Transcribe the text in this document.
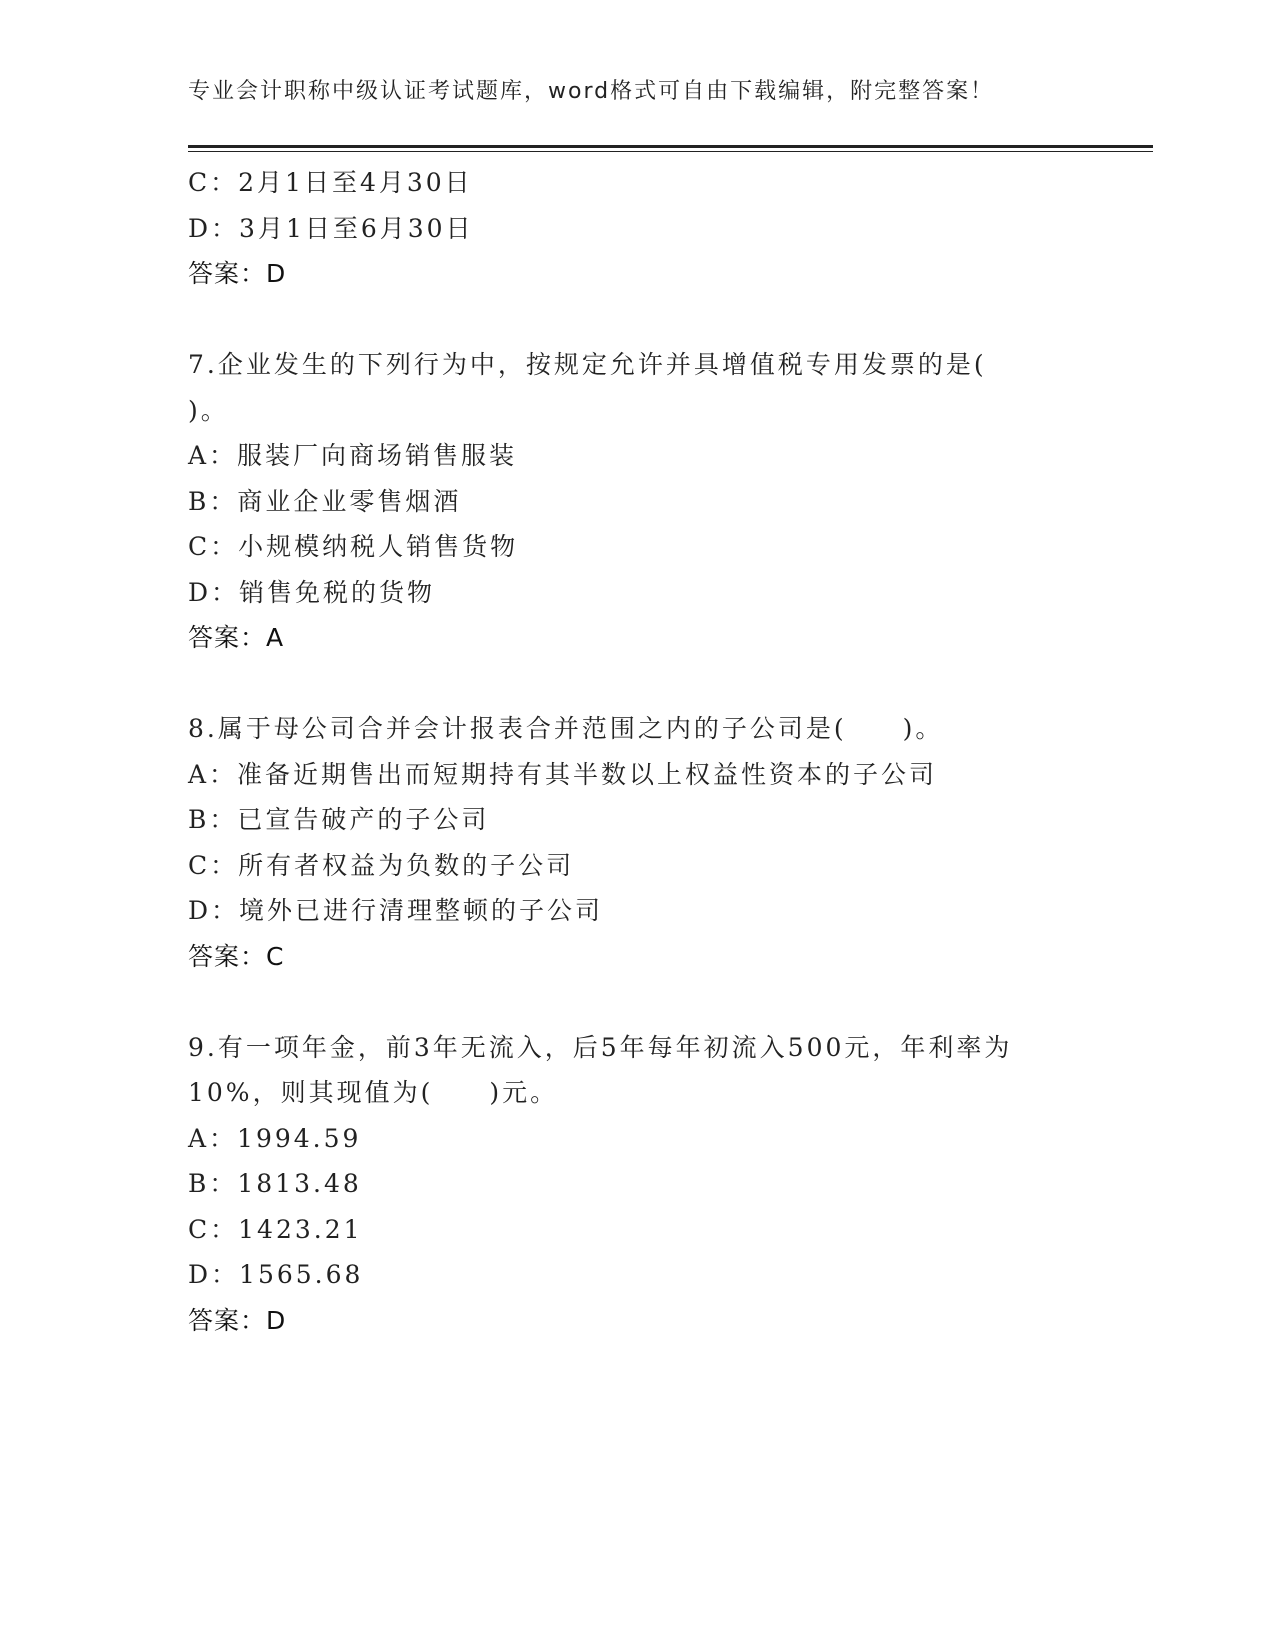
专业会计职称中级认证考试题库，word格式可自由下载编辑，附完整答案！
C：2月1日至4月30日
D：3月1日至6月30日
答案：D
7.企业发生的下列行为中，按规定允许并具增值税专用发票的是(
)。
A：服装厂向商场销售服装
B：商业企业零售烟酒
C：小规模纳税人销售货物
D：销售免税的货物
答案：A
8.属于母公司合并会计报表合并范围之内的子公司是(　　)。
A：准备近期售出而短期持有其半数以上权益性资本的子公司
B：已宣告破产的子公司
C：所有者权益为负数的子公司
D：境外已进行清理整顿的子公司
答案：C
9.有一项年金，前3年无流入，后5年每年初流入500元，年利率为
10%，则其现值为(　　)元。
A：1994.59
B：1813.48
C：1423.21
D：1565.68
答案：D
